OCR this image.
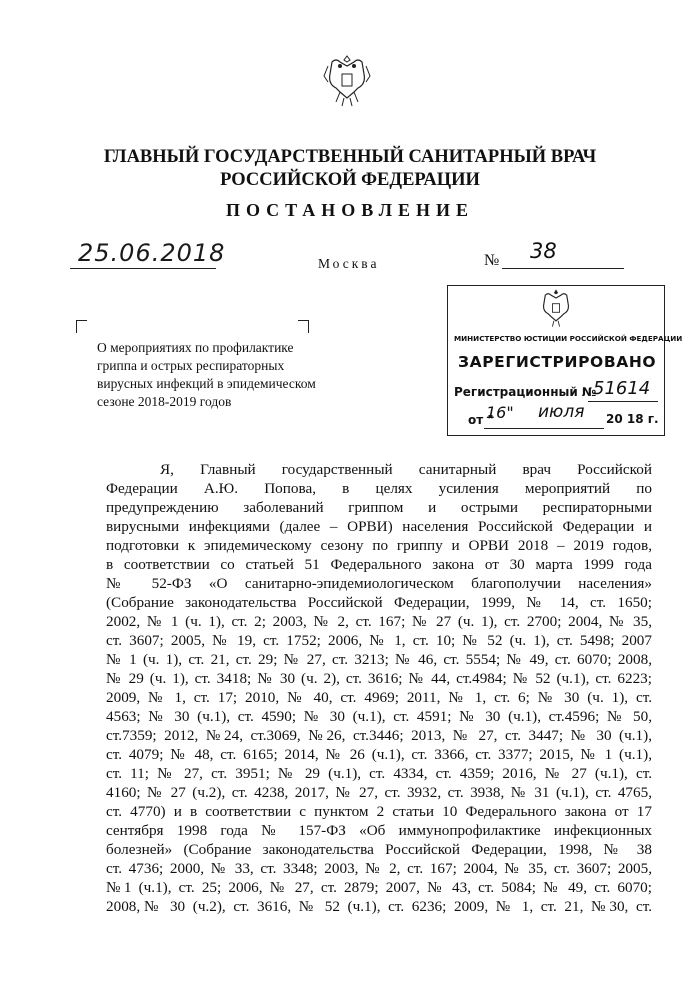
ГЛАВНЫЙ ГОСУДАРСТВЕННЫЙ САНИТАРНЫЙ ВРАЧ
РОССИЙСКОЙ ФЕДЕРАЦИИ
ПОСТАНОВЛЕНИЕ
25.06.2018	Москва	№ 38
О мероприятиях по профилактике
гриппа и острых респираторных
вирусных инфекций в эпидемическом
сезоне 2018-2019 годов
МИНИСТЕРСТВО ЮСТИЦИИ РОССИЙСКОЙ ФЕДЕРАЦИИ
ЗАРЕГИСТРИРОВАНО
Регистрационный №
51614
от "
16" июля 20 18 г.
Я, Главный государственный санитарный врач Российской
Федерации А.Ю. Попова, в целях усиления мероприятий по
предупреждению заболеваний гриппом и острыми респираторными
вирусными инфекциями (далее – ОРВИ) населения Российской Федерации и
подготовки к эпидемическому сезону по гриппу и ОРВИ 2018 – 2019 годов,
в соответствии со статьей 51 Федерального закона от 30 марта 1999 года
№ 52-ФЗ «О санитарно-эпидемиологическом благополучии населения»
(Собрание законодательства Российской Федерации, 1999, № 14, ст. 1650;
2002, № 1 (ч. 1), ст. 2; 2003, № 2, ст. 167; № 27 (ч. 1), ст. 2700; 2004, № 35,
ст. 3607; 2005, № 19, ст. 1752; 2006, № 1, ст. 10; № 52 (ч. 1), ст. 5498; 2007
№ 1 (ч. 1), ст. 21, ст. 29; № 27, ст. 3213; № 46, ст. 5554; № 49, ст. 6070; 2008,
№ 29 (ч. 1), ст. 3418; № 30 (ч. 2), ст. 3616; № 44, ст.4984; № 52 (ч.1), ст. 6223;
2009, № 1, ст. 17; 2010, № 40, ст. 4969; 2011, № 1, ст. 6; № 30 (ч. 1), ст.
4563; № 30 (ч.1), ст. 4590; № 30 (ч.1), ст. 4591; № 30 (ч.1), ст.4596; № 50,
ст.7359; 2012, №24, ст.3069, №26, ст.3446; 2013, № 27, ст. 3447; № 30 (ч.1),
ст. 4079; № 48, ст. 6165; 2014, № 26 (ч.1), ст. 3366, ст. 3377; 2015, № 1 (ч.1),
ст. 11; № 27, ст. 3951; № 29 (ч.1), ст. 4334, ст. 4359; 2016, № 27 (ч.1), ст.
4160; № 27 (ч.2), ст. 4238, 2017, № 27, ст. 3932, ст. 3938, № 31 (ч.1), ст. 4765,
ст. 4770) и в соответствии с пунктом 2 статьи 10 Федерального закона от 17
сентября 1998 года № 157-ФЗ «Об иммунопрофилактике инфекционных
болезней» (Собрание законодательства Российской Федерации, 1998, № 38
ст. 4736; 2000, № 33, ст. 3348; 2003, № 2, ст. 167; 2004, № 35, ст. 3607; 2005,
№1 (ч.1), ст. 25; 2006, № 27, ст. 2879; 2007, № 43, ст. 5084; № 49, ст. 6070;
2008,№ 30 (ч.2), ст. 3616, № 52 (ч.1), ст. 6236; 2009, № 1, ст. 21, №30, ст.
